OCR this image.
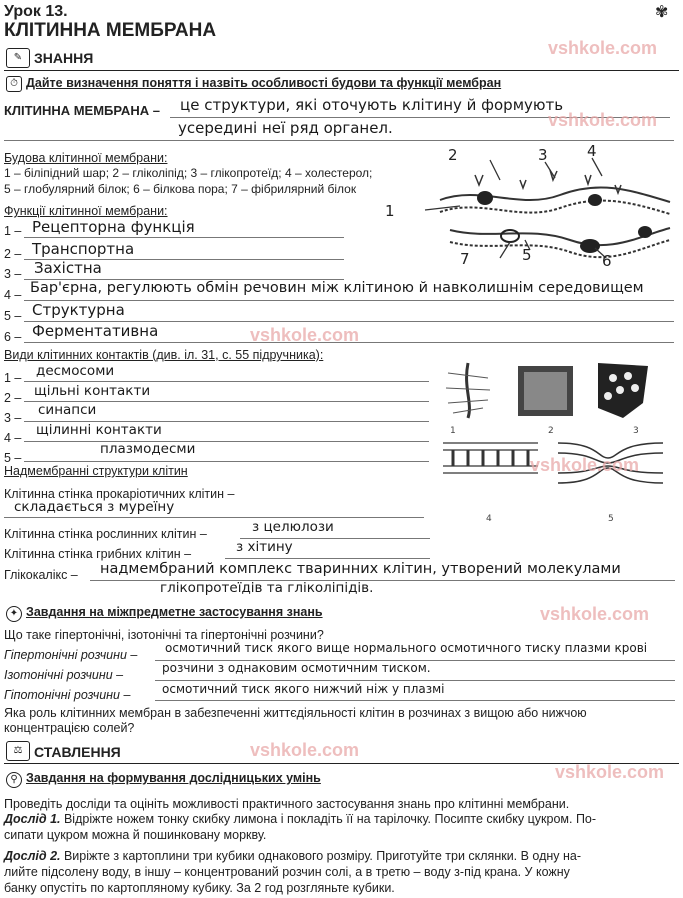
Урок 13.
КЛІТИННА МЕМБРАНА
✾
✎ ЗНАННЯ
⏱ Дайте визначення поняття і назвіть особливості будови та функції мембран
КЛІТИННА МЕМБРАНА – це структури, які оточують клітину й формують
усередині неї ряд органел.
Будова клітинної мембрани:
1 – біліпідний шар; 2 – гліколіпід; 3 – глікопротеїд; 4 – холестерол;
5 – глобулярний білок; 6 – білкова пора; 7 – фібрилярний білок
2	3	4
1
7	5	6
Функції клітинної мембрани:
1 – Рецепторна функція
2 – Транспортна
3 – Захістна
4 – Бар'єрна, регулюють обмін речовин між клітиною й навколишнім середовищем
5 – Структурна
6 – Ферментативна
Види клітинних контактів (див. іл. 31, с. 55 підручника):
1 – десмосоми
2 – щільні контакти
3 – синапси
4 – щілинні контакти
5 –
плазмодесми
1	2	3
4	5
Надмембранні структури клітин
Клітинна стінка прокаріотичних клітин –
складається з муреїну
Клітинна стінка рослинних клітин –	з целюлози
Клітинна стінка грибних клітин –	з хітину
Глікокалікс – надмембраний комплекс тваринних клітин, утворений молекулами
глікопротеїдів та гліколіпідів.
✦ Завдання на міжпредметне застосування знань
Що таке гіпертонічні, ізотонічні та гіпертонічні розчини?
Гіпертонічні розчини – осмотичний тиск якого вище нормального осмотичного тиску плазми крові
Ізотонічні розчини –	розчини з однаковим осмотичним тиском.
Гіпотонічні розчини –	осмотичний тиск якого нижчий ніж у плазмі
Яка роль клітинних мембран в забезпеченні життєдіяльності клітин в розчинах з вищою або нижчою
концентрацією солей?
⚖ СТАВЛЕННЯ
⚲ Завдання на формування дослідницьких умінь
Проведіть досліди та оцініть можливості практичного застосування знань про клітинні мембрани.
Дослід 1. Відріжте ножем тонку скибку лимона і покладіть її на тарілочку. Посипте скибку цукром. По-
сипати цукром можна й пошинковану моркву.
Дослід 2. Виріжте з картоплини три кубики однакового розміру. Приготуйте три склянки. В одну на-
лийте підсолену воду, в іншу – концентрований розчин солі, а в третю – воду з-під крана. У кожну
банку опустіть по картопляному кубику. За 2 год розгляньте кубики.
vshkole.com
vshkole.com
vshkole.com
vshkole.com
vshkole.com
vshkole.com
vshkole.com
